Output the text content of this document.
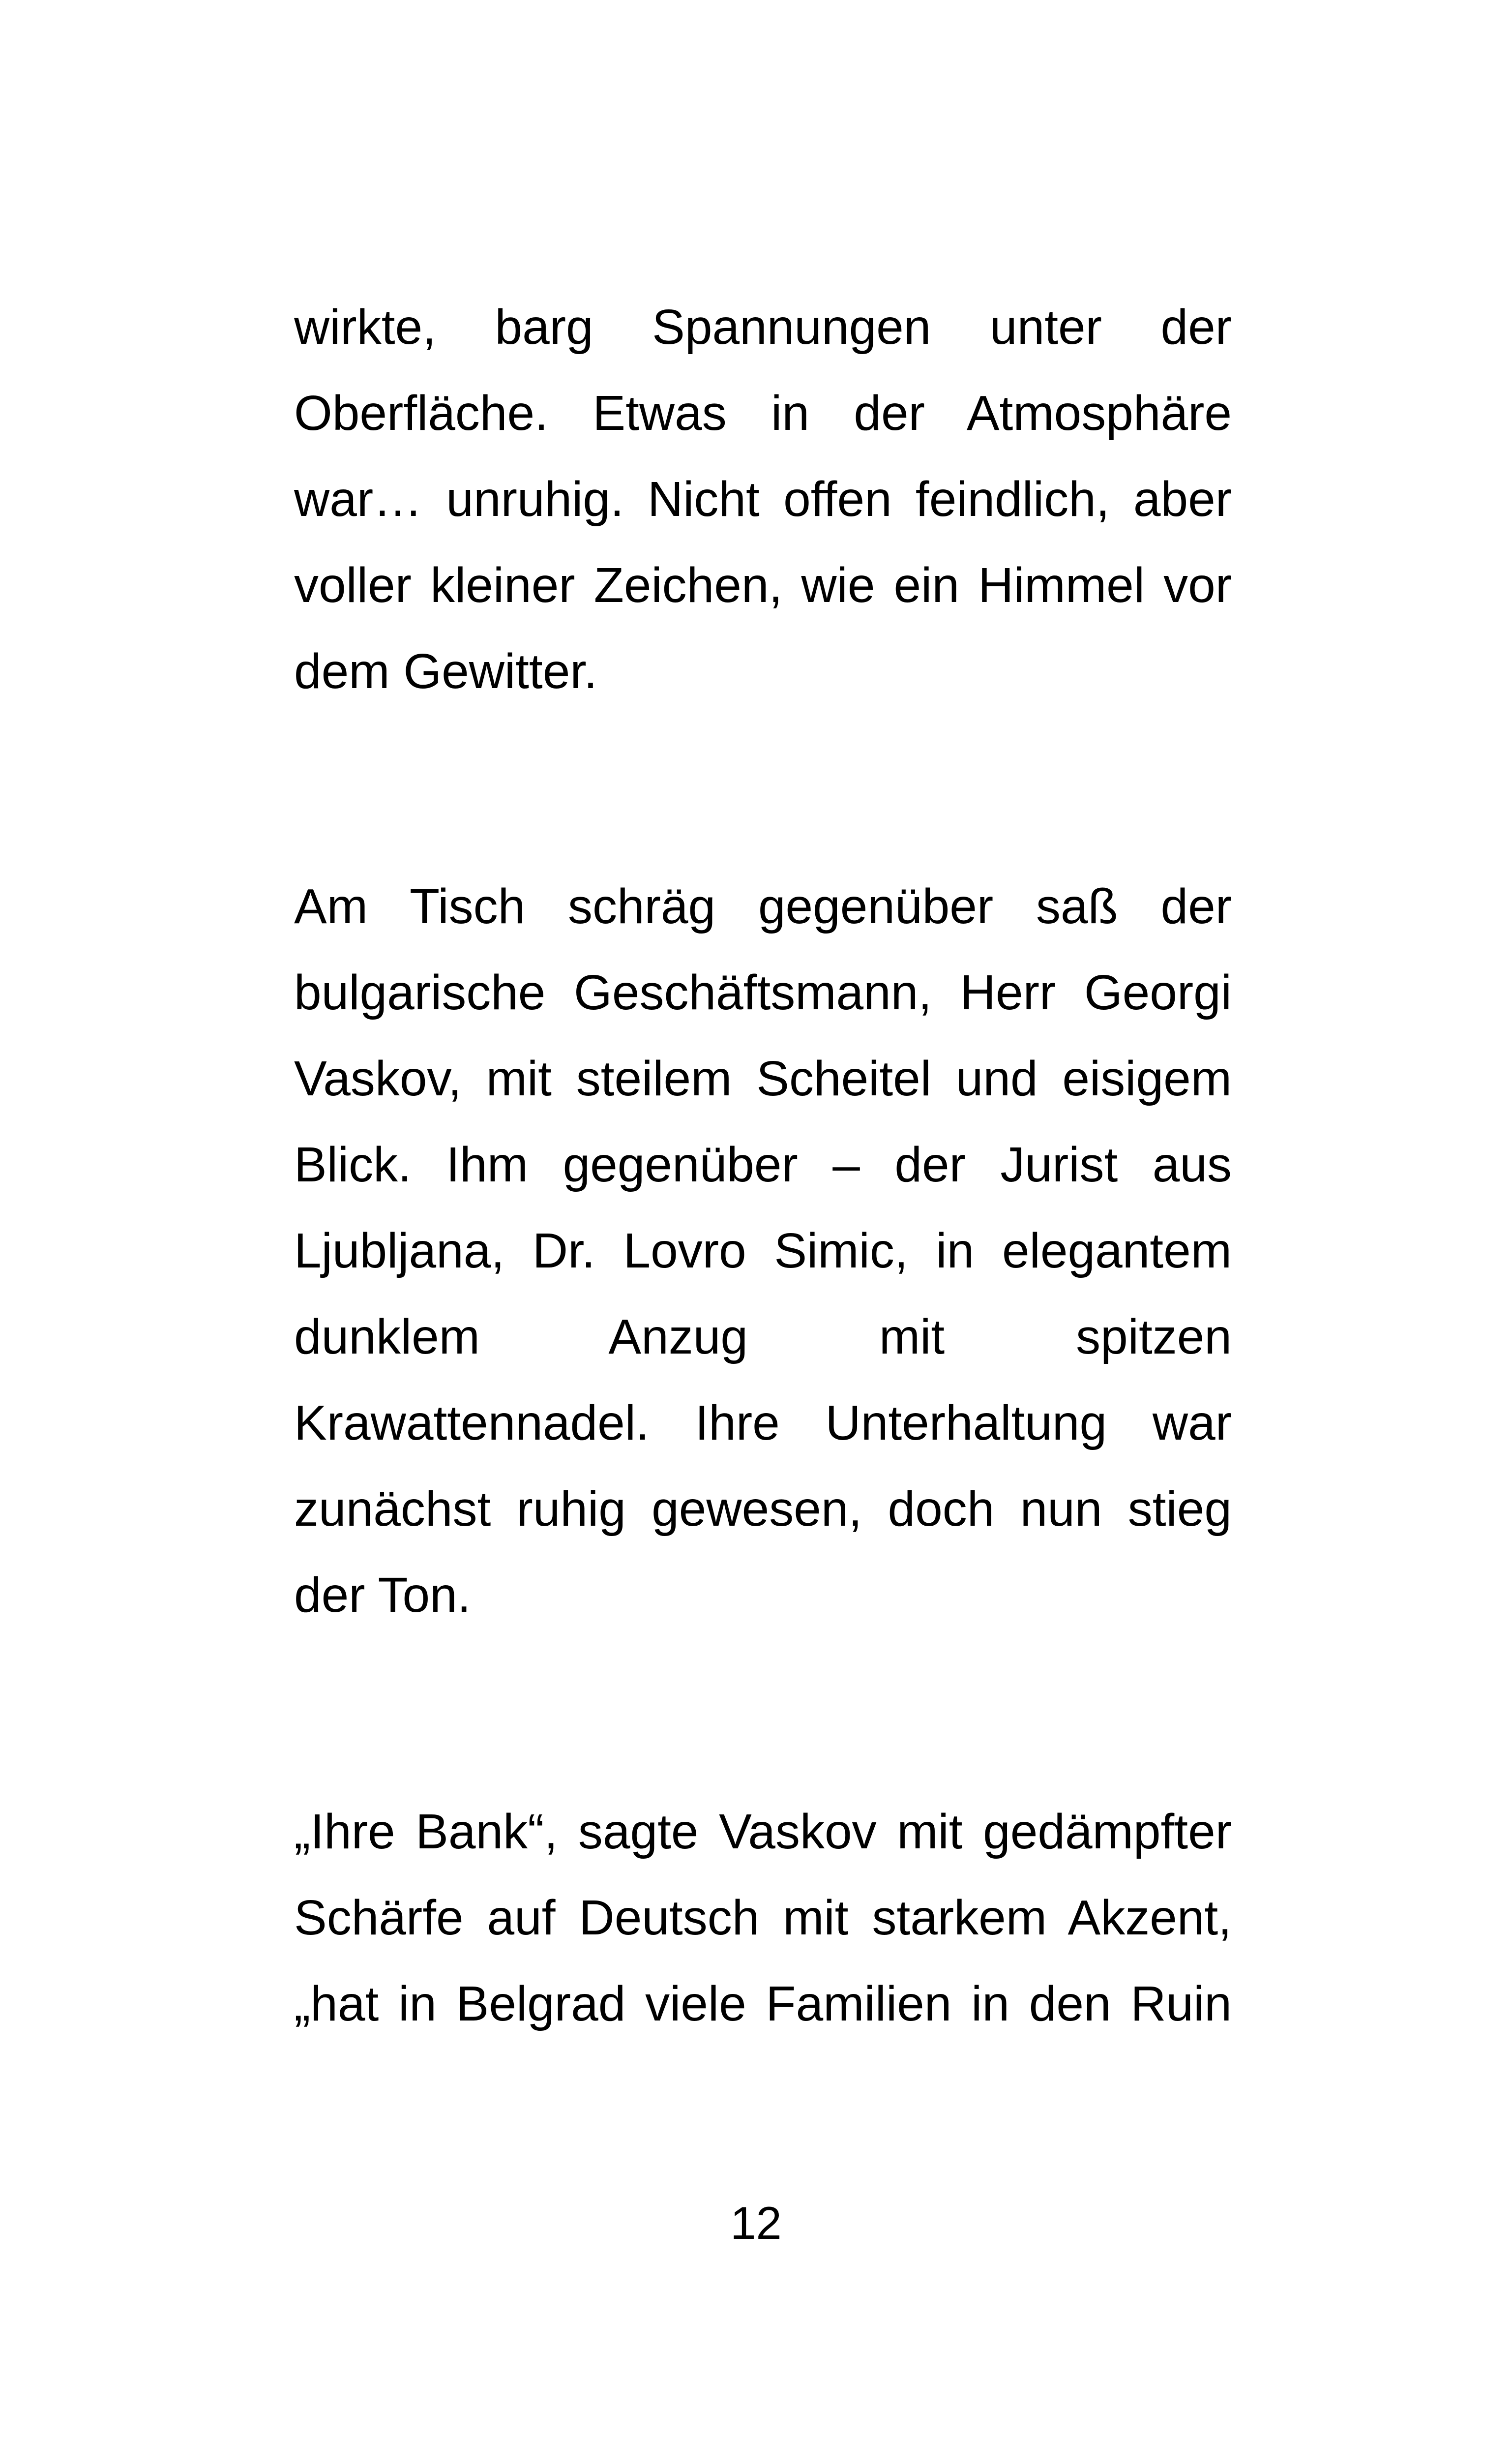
wirkte, barg Spannungen unter der
Oberfläche. Etwas in der Atmosphäre
war… unruhig. Nicht offen feindlich, aber
voller kleiner Zeichen, wie ein Himmel vor
dem Gewitter.
Am Tisch schräg gegenüber saß der
bulgarische Geschäftsmann, Herr Georgi
Vaskov, mit steilem Scheitel und eisigem
Blick. Ihm gegenüber – der Jurist aus
Ljubljana, Dr. Lovro Simic, in elegantem
dunklem Anzug mit spitzen
Krawattennadel. Ihre Unterhaltung war
zunächst ruhig gewesen, doch nun stieg
der Ton.
„Ihre Bank“, sagte Vaskov mit gedämpfter
Schärfe auf Deutsch mit starkem Akzent,
„hat in Belgrad viele Familien in den Ruin
12
